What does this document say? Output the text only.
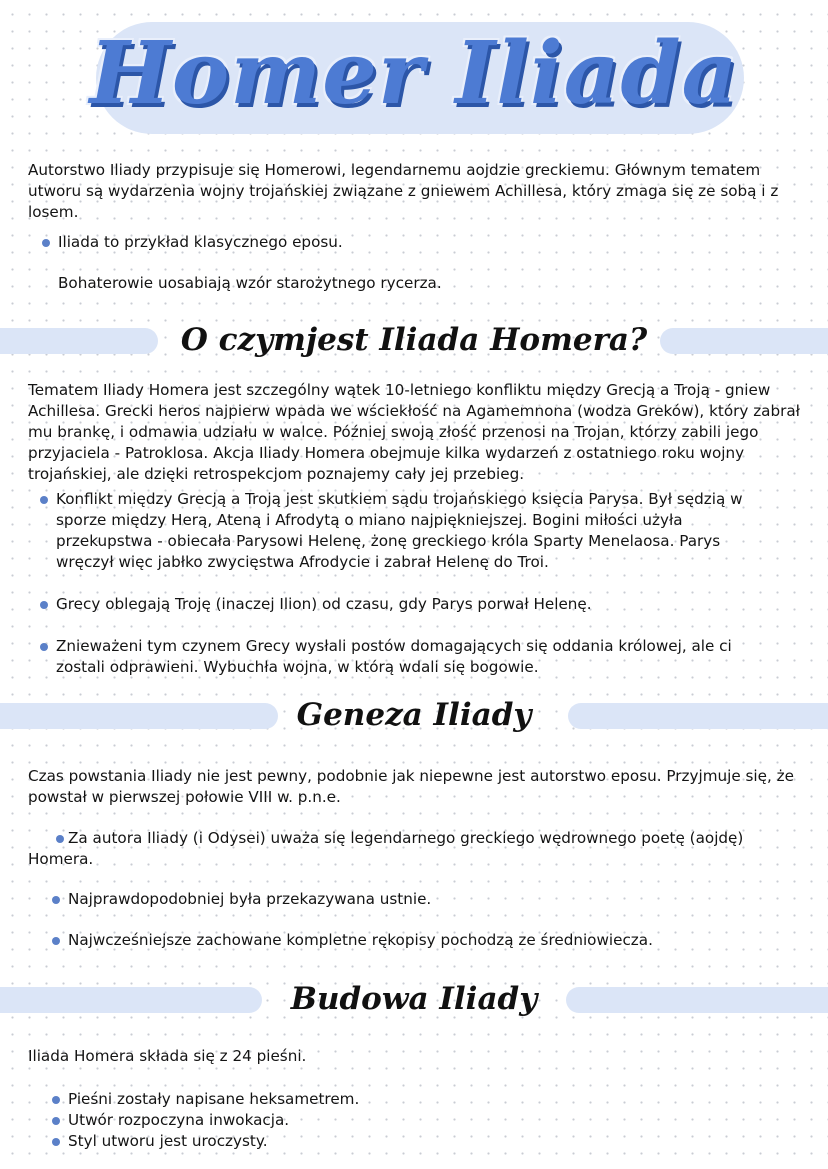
Homer Iliada

Autorstwo Iliady przypisuje się Homerowi, legendarnemu aojdzie greckiemu. Głównym tematem utworu są wydarzenia wojny trojańskiej związane z gniewem Achillesa, który zmaga się ze sobą i z losem.

Iliada to przykład klasycznego eposu.

Bohaterowie uosabiają wzór starożytnego rycerza.

O czymjest Iliada Homera?

Tematem Iliady Homera jest szczególny wątek 10-letniego konfliktu między Grecją a Troją - gniew Achillesa. Grecki heros najpierw wpada we wściekłość na Agamemnona (wodza Greków), który zabrał mu brankę, i odmawia udziału w walce. Później swoją złość przenosi na Trojan, którzy zabili jego przyjaciela - Patroklosa. Akcja Iliady Homera obejmuje kilka wydarzeń z ostatniego roku wojny trojańskiej, ale dzięki retrospekcjom poznajemy cały jej przebieg.

Konflikt między Grecją a Troją jest skutkiem sądu trojańskiego księcia Parysa. Był sędzią w sporze między Herą, Ateną i Afrodytą o miano najpiękniejszej. Bogini miłości użyła przekupstwa - obiecała Parysowi Helenę, żonę greckiego króla Sparty Menelaosa. Parys wręczył więc jabłko zwycięstwa Afrodycie i zabrał Helenę do Troi.
Grecy oblegają Troję (inaczej Ilion) od czasu, gdy Parys porwał Helenę.
Znieważeni tym czynem Grecy wysłali postów domagających się oddania królowej, ale ci zostali odprawieni. Wybuchła wojna, w którą wdali się bogowie.
Geneza Iliady

Czas powstania Iliady nie jest pewny, podobnie jak niepewne jest autorstwo eposu. Przyjmuje się, że powstał w pierwszej połowie VIII w. p.n.e.

Za autora Iliady (i Odysei) uważa się legendarnego greckiego wędrownego poetę (aojdę) Homera.
Najprawdopodobniej była przekazywana ustnie.
Najwcześniejsze zachowane kompletne rękopisy pochodzą ze średniowiecza.
Budowa Iliady

Iliada Homera składa się z 24 pieśni.

Pieśni zostały napisane heksametrem.
Utwór rozpoczyna inwokacja.
Styl utworu jest uroczysty.
